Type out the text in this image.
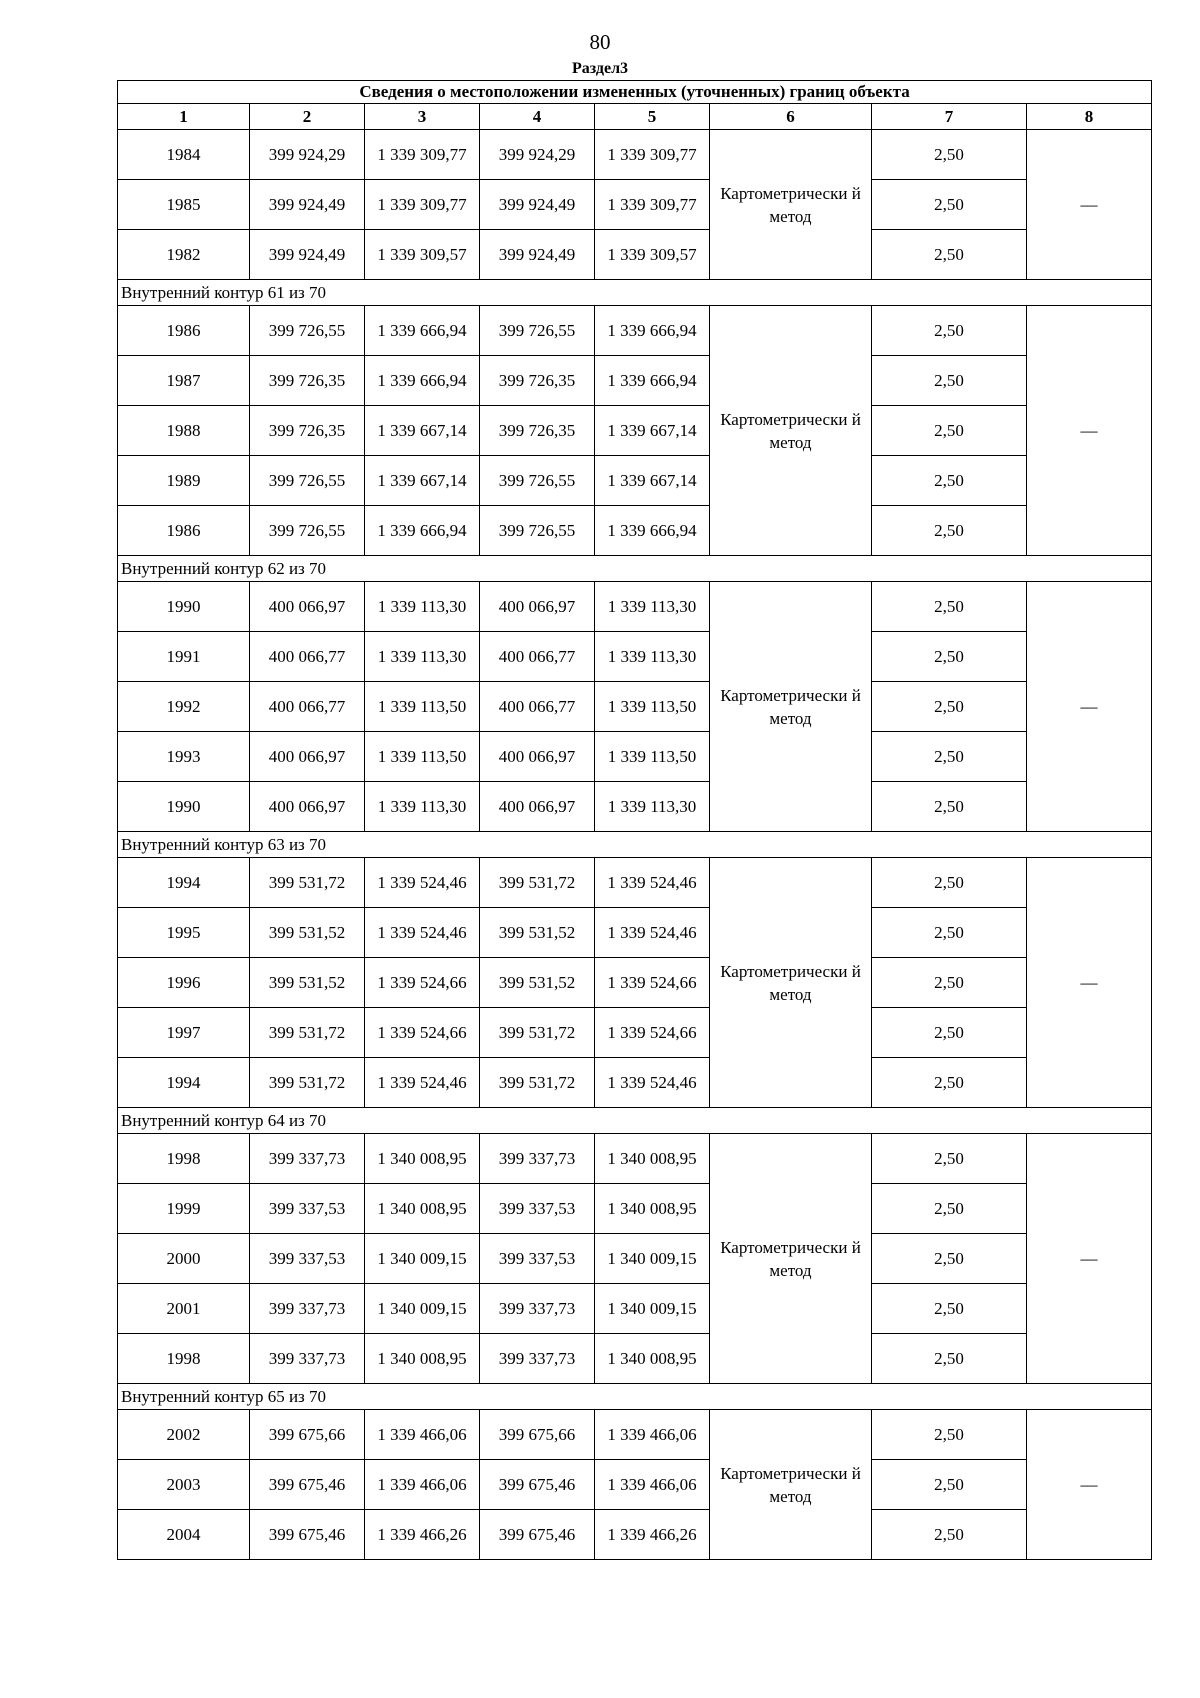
80
Раздел3
Сведения о местоположении измененных (уточненных) границ объекта							
1	2	3	4	5	6	7	8
1984	399 924,29	1 339 309,77	399 924,29	1 339 309,77	Картометрически й метод	2,50	—
1985	399 924,49	1 339 309,77	399 924,49	1 339 309,77		2,50	
1982	399 924,49	1 339 309,57	399 924,49	1 339 309,57		2,50	
Внутренний контур 61 из 70							
1986	399 726,55	1 339 666,94	399 726,55	1 339 666,94	Картометрически й метод	2,50	—
1987	399 726,35	1 339 666,94	399 726,35	1 339 666,94		2,50	
1988	399 726,35	1 339 667,14	399 726,35	1 339 667,14		2,50	
1989	399 726,55	1 339 667,14	399 726,55	1 339 667,14		2,50	
1986	399 726,55	1 339 666,94	399 726,55	1 339 666,94		2,50	
Внутренний контур 62 из 70							
1990	400 066,97	1 339 113,30	400 066,97	1 339 113,30	Картометрически й метод	2,50	—
1991	400 066,77	1 339 113,30	400 066,77	1 339 113,30		2,50	
1992	400 066,77	1 339 113,50	400 066,77	1 339 113,50		2,50	
1993	400 066,97	1 339 113,50	400 066,97	1 339 113,50		2,50	
1990	400 066,97	1 339 113,30	400 066,97	1 339 113,30		2,50	
Внутренний контур 63 из 70							
1994	399 531,72	1 339 524,46	399 531,72	1 339 524,46	Картометрически й метод	2,50	—
1995	399 531,52	1 339 524,46	399 531,52	1 339 524,46		2,50	
1996	399 531,52	1 339 524,66	399 531,52	1 339 524,66		2,50	
1997	399 531,72	1 339 524,66	399 531,72	1 339 524,66		2,50	
1994	399 531,72	1 339 524,46	399 531,72	1 339 524,46		2,50	
Внутренний контур 64 из 70							
1998	399 337,73	1 340 008,95	399 337,73	1 340 008,95	Картометрически й метод	2,50	—
1999	399 337,53	1 340 008,95	399 337,53	1 340 008,95		2,50	
2000	399 337,53	1 340 009,15	399 337,53	1 340 009,15		2,50	
2001	399 337,73	1 340 009,15	399 337,73	1 340 009,15		2,50	
1998	399 337,73	1 340 008,95	399 337,73	1 340 008,95		2,50	
Внутренний контур 65 из 70							
2002	399 675,66	1 339 466,06	399 675,66	1 339 466,06	Картометрически й метод	2,50	—
2003	399 675,46	1 339 466,06	399 675,46	1 339 466,06		2,50	
2004	399 675,46	1 339 466,26	399 675,46	1 339 466,26		2,50	
